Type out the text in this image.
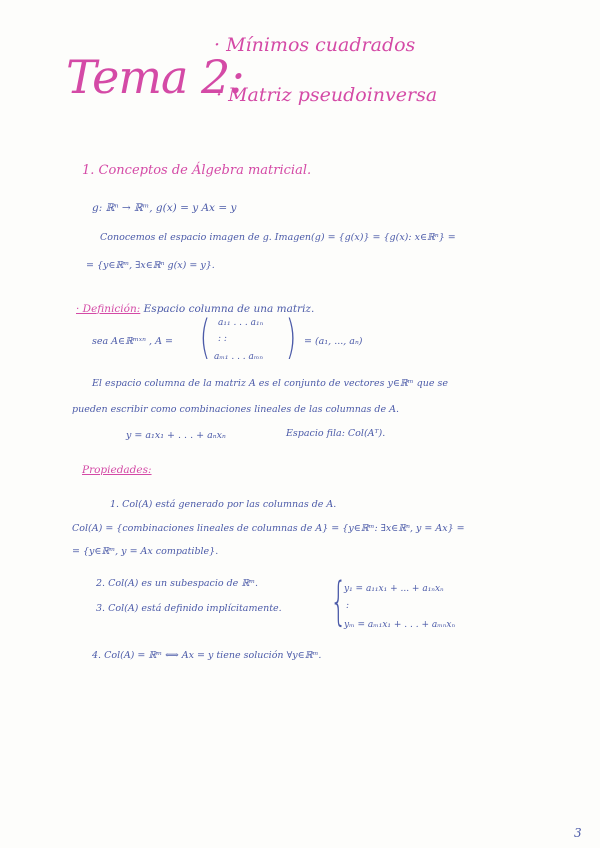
Tema 2:
· Mínimos cuadrados
· Matriz pseudoinversa
1. Conceptos de Álgebra matricial.
g: ℝⁿ → ℝᵐ, g(x) = y Ax = y
Conocemos el espacio imagen de g. Imagen(g) = {g(x)} = {g(x): x∈ℝⁿ} =
= {y∈ℝᵐ, ∃x∈ℝⁿ g(x) = y}.
· Definición: Espacio columna de una matriz.
sea A∈ℝᵐˣⁿ , A = ( a₁₁ . . . a₁ₙ
: :
aₘ₁ . . . aₘₙ ) = (a₁, ..., aₙ)
El espacio columna de la matriz A es el conjunto de vectores y∈ℝᵐ que se
pueden escribir como combinaciones lineales de las columnas de A.
y = a₁x₁ + . . . + aₙxₙ	Espacio fila: Col(Aᵀ).
Propiedades:
1. Col(A) está generado por las columnas de A.
Col(A) = {combinaciones lineales de columnas de A} = {y∈ℝᵐ: ∃x∈ℝⁿ, y = Ax} =
= {y∈ℝᵐ, y = Ax compatible}.
2. Col(A) es un subespacio de ℝᵐ.
3. Col(A) está definido implícitamente. {
y₁ = a₁₁x₁ + ... + a₁ₙxₙ
:
yₘ = aₘ₁x₁ + . . . + aₘₙxₙ
4. Col(A) = ℝᵐ ⟺ Ax = y tiene solución ∀y∈ℝᵐ.
3
